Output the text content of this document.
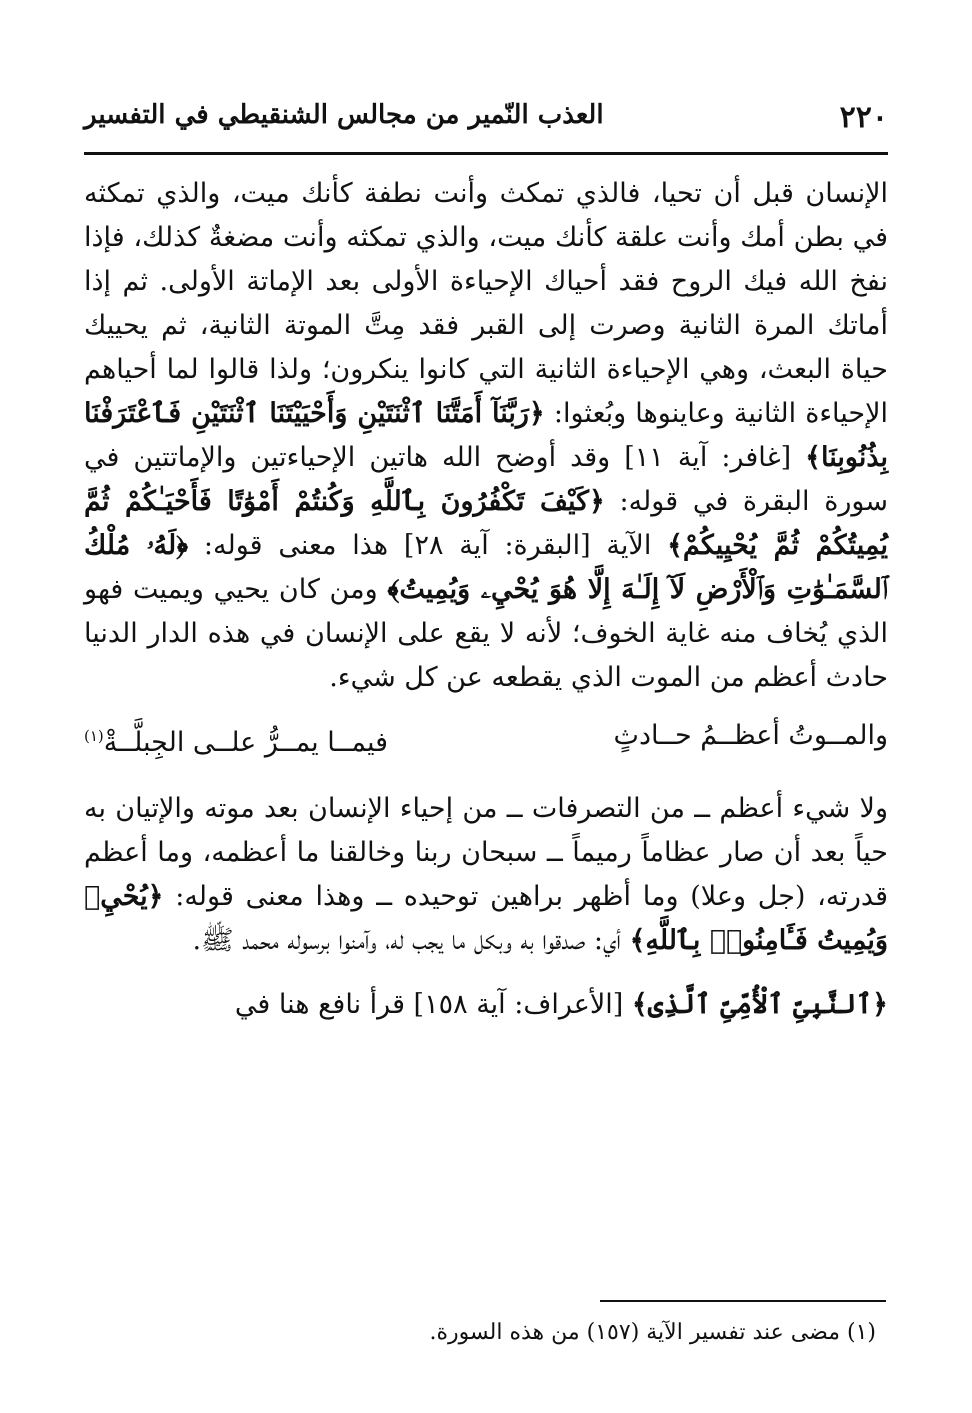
٢٢٠
العذب النّمير من مجالس الشنقيطي في التفسير

الإنسان قبل أن تحيا، فالذي تمكث وأنت نطفة كأنك ميت، والذي تمكثه في بطن أمك وأنت علقة كأنك ميت، والذي تمكثه وأنت مضغةٌ كذلك، فإذا نفخ الله فيك الروح فقد أحياك الإحياءة الأولى بعد الإماتة الأولى. ثم إذا أماتك المرة الثانية وصرت إلى القبر فقد مِتَّ الموتة الثانية، ثم يحييك حياة البعث، وهي الإحياءة الثانية التي كانوا ينكرون؛ ولذا قالوا لما أحياهم الإحياءة الثانية وعاينوها وبُعثوا: ﴿رَبَّنَآ أَمَتَّنَا ٱثْنَتَيْنِ وَأَحْيَيْتَنَا ٱثْنَتَيْنِ فَٱعْتَرَفْنَا بِذُنُوبِنَا﴾ [غافر: آية ١١] وقد أوضح الله هاتين الإحياءتين والإماتتين في سورة البقرة في قوله: ﴿كَيْفَ تَكْفُرُونَ بِٱللَّهِ وَكُنتُمْ أَمْوَٰتًا فَأَحْيَـٰكُمْ ثُمَّ يُمِيتُكُمْ ثُمَّ يُحْيِيكُمْ﴾ الآية [البقرة: آية ٢٨] هذا معنى قوله: ﴿لَهُۥ مُلْكُ ٱلسَّمَـٰوَٰتِ وَٱلْأَرْضِ لَآ إِلَـٰهَ إِلَّا هُوَ يُحْيِۦ وَيُمِيتُ﴾ ومن كان يحيي ويميت فهو الذي يُخاف منه غاية الخوف؛ لأنه لا يقع على الإنسان في هذه الدار الدنيا حادث أعظم من الموت الذي يقطعه عن كل شيء.

والمــوتُ أعظــمُ حــادثٍ
فيمــا يمــرُّ علــى الجِبلَّــةْ$^{(١)}$

ولا شيء أعظم ــ من التصرفات ــ من إحياء الإنسان بعد موته والإتيان به حياً بعد أن صار عظاماً رميماً ــ سبحان ربنا وخالقنا ما أعظمه، وما أعظم قدرته، (جل وعلا) وما أظهر براهين توحيده ــ وهذا معنى قوله: ﴿يُحْيِۦ وَيُمِيتُ فَـَٔامِنُوا۟ بِٱللَّهِ﴾ أي: صدقوا به وبكل ما يجب له، وآمنوا برسوله محمد ﷺ.

﴿ٱلنَّبِىِّ ٱلْأُمِّىِّ ٱلَّذِى﴾ [الأعراف: آية ١٥٨] قرأ نافع هنا في

(١) مضى عند تفسير الآية (١٥٧) من هذه السورة.
